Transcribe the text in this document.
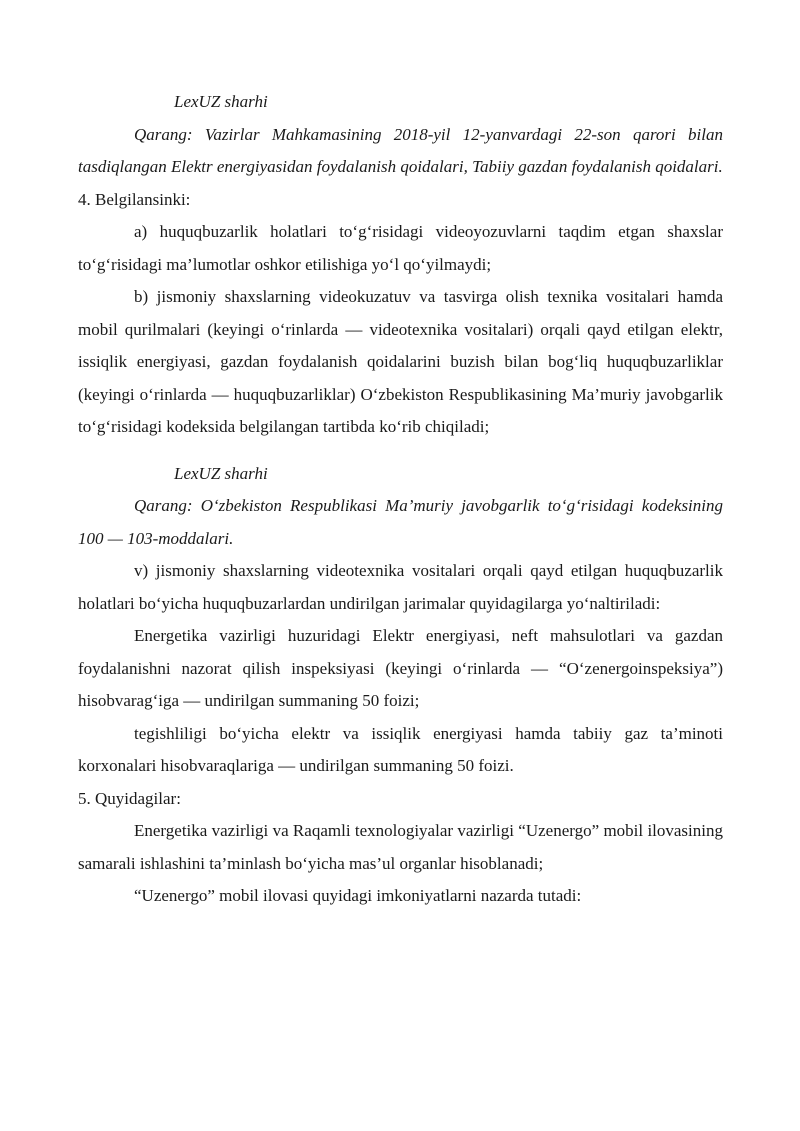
LexUZ sharhi

Qarang: Vazirlar Mahkamasining 2018-yil 12-yanvardagi 22-son qarori bilan tasdiqlangan Elektr energiyasidan foydalanish qoidalari, Tabiiy gazdan foydalanish qoidalari.

4. Belgilansinki:

a) huquqbuzarlik holatlari to‘g‘risidagi videoyozuvlarni taqdim etgan shaxslar to‘g‘risidagi ma’lumotlar oshkor etilishiga yo‘l qo‘yilmaydi;

b) jismoniy shaxslarning videokuzatuv va tasvirga olish texnika vositalari hamda mobil qurilmalari (keyingi o‘rinlarda — videotexnika vositalari) orqali qayd etilgan elektr, issiqlik energiyasi, gazdan foydalanish qoidalarini buzish bilan bog‘liq huquqbuzarliklar (keyingi o‘rinlarda — huquqbuzarliklar) O‘zbekiston Respublikasining Ma’muriy javobgarlik to‘g‘risidagi kodeksida belgilangan tartibda ko‘rib chiqiladi;

LexUZ sharhi

Qarang: O‘zbekiston Respublikasi Ma’muriy javobgarlik to‘g‘risidagi kodeksining 100 — 103-moddalari.

v) jismoniy shaxslarning videotexnika vositalari orqali qayd etilgan huquqbuzarlik holatlari bo‘yicha huquqbuzarlardan undirilgan jarimalar quyidagilarga yo‘naltiriladi:

Energetika vazirligi huzuridagi Elektr energiyasi, neft mahsulotlari va gazdan foydalanishni nazorat qilish inspeksiyasi (keyingi o‘rinlarda — “O‘zenergoinspeksiya”) hisobvarag‘iga — undirilgan summaning 50 foizi;

tegishliligi bo‘yicha elektr va issiqlik energiyasi hamda tabiiy gaz ta’minoti korxonalari hisobvaraqlariga — undirilgan summaning 50 foizi.

5. Quyidagilar:

Energetika vazirligi va Raqamli texnologiyalar vazirligi “Uzenergo” mobil ilovasining samarali ishlashini ta’minlash bo‘yicha mas’ul organlar hisoblanadi;

“Uzenergo” mobil ilovasi quyidagi imkoniyatlarni nazarda tutadi:
